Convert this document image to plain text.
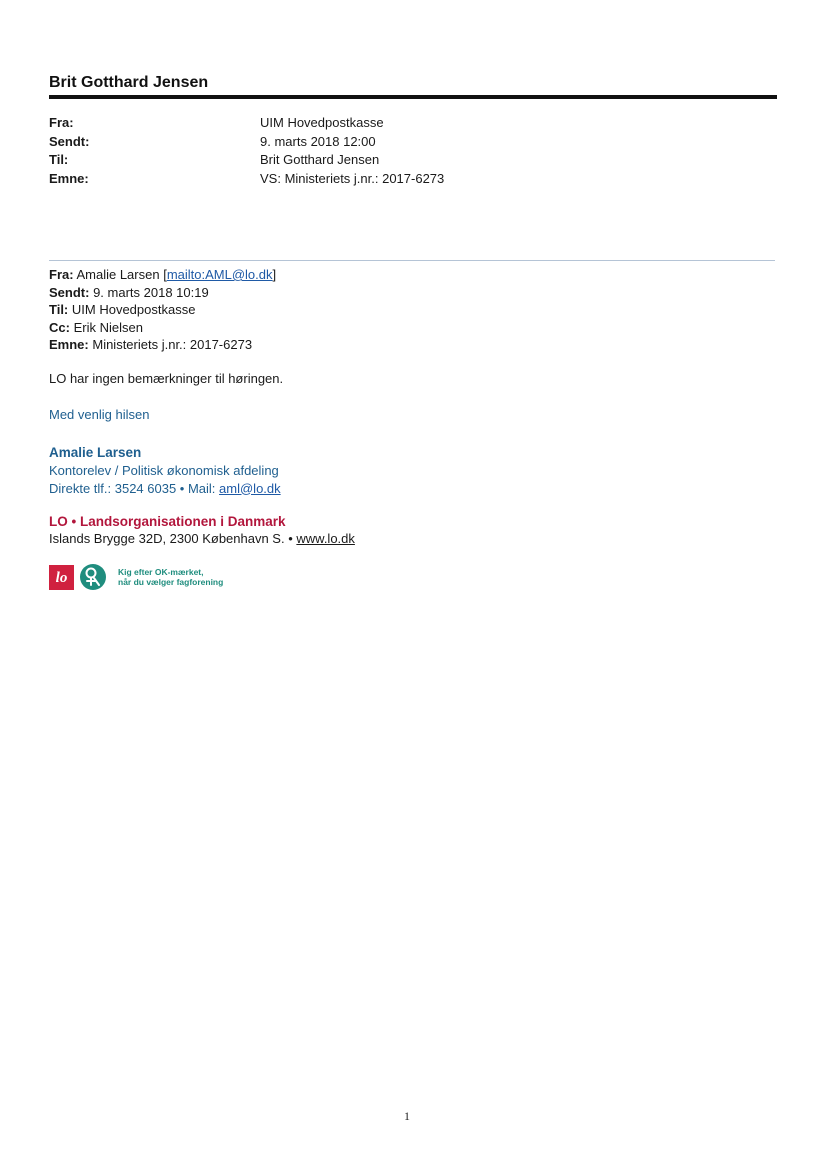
Brit Gotthard Jensen
Fra:	UIM Hovedpostkasse
Sendt:	9. marts 2018 12:00
Til:	Brit Gotthard Jensen
Emne:	VS: Ministeriets j.nr.: 2017-6273
Fra: Amalie Larsen [mailto:AML@lo.dk]
Sendt: 9. marts 2018 10:19
Til: UIM Hovedpostkasse
Cc: Erik Nielsen
Emne: Ministeriets j.nr.: 2017-6273
LO har ingen bemærkninger til høringen.
Med venlig hilsen
Amalie Larsen
Kontorelev / Politisk økonomisk afdeling
Direkte tlf.: 3524 6035 • Mail: aml@lo.dk
LO • Landsorganisationen i Danmark
Islands Brygge 32D, 2300 København S. • www.lo.dk
lo	Kig efter OK-mærket,
når du vælger fagforening
1
